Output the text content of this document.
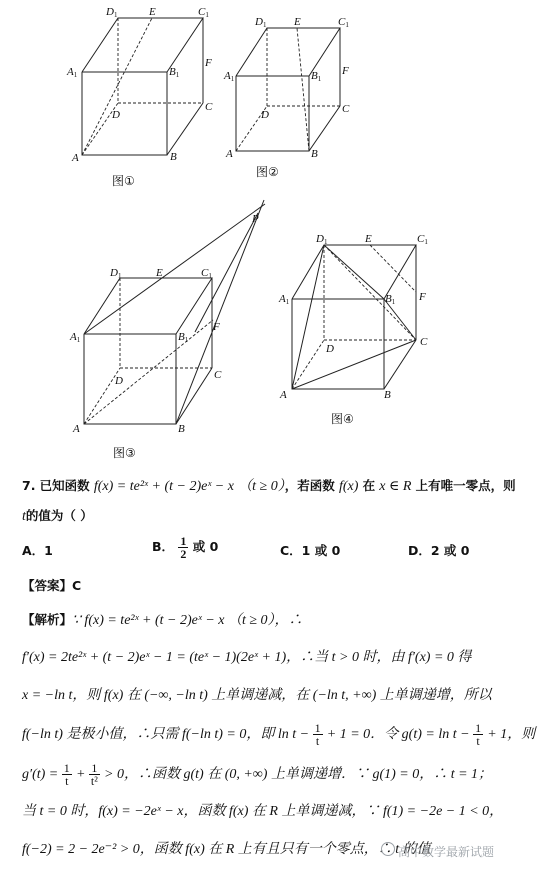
D1	E	C1
A1	B1
F
D
C
A	B
图①
D1	E	C1
A1	B1
F
D	C
A	B
图②
P
D1	E	C1
A1	B1
F
D	C
A	B
图③
D1	E	C1
A1	B1 F
D
C
A	B
图④
7. 已知函数 f(x) = te²ˣ + (t − 2)eˣ − x （t ≥ 0），若函数 f(x) 在 x ∈ R 上有唯一零点，则
t的值为（ ）
A．1	B． $\frac{1}{2}$ 或 0	C．1 或 0	D．2 或 0
【答案】C
【解析】∵ f(x) = te²ˣ + (t − 2)eˣ − x （t ≥ 0），∴
f′(x) = 2te²ˣ + (t − 2)eˣ − 1 = (teˣ − 1)(2eˣ + 1)，∴当 t > 0 时，由 f′(x) = 0 得
x = −ln t，则 f(x) 在 (−∞, −ln t) 上单调递减，在 (−ln t, +∞) 上单调递增，所以
f(−ln t) 是极小值，∴只需 f(−ln t) = 0，即 $\ln t - \frac{1}{t} + 1 = 0$．令 $g(t) = \ln t - \frac{1}{t} + 1$，则
$g'(t) = \frac{1}{t} + \frac{1}{\text{t²}} > 0$，∴函数 g(t) 在 (0, +∞) 上单调递增．∵ g(1) = 0，∴ t = 1；
当 t = 0 时，f(x) = −2eˣ − x，函数 f(x) 在 R 上单调递减，∵ f(1) = −2e − 1 < 0，
f(−2) = 2 − 2e⁻² > 0，函数 f(x) 在 R 上有且只有一个零点，∴ t 的值
高中数学最新试题
